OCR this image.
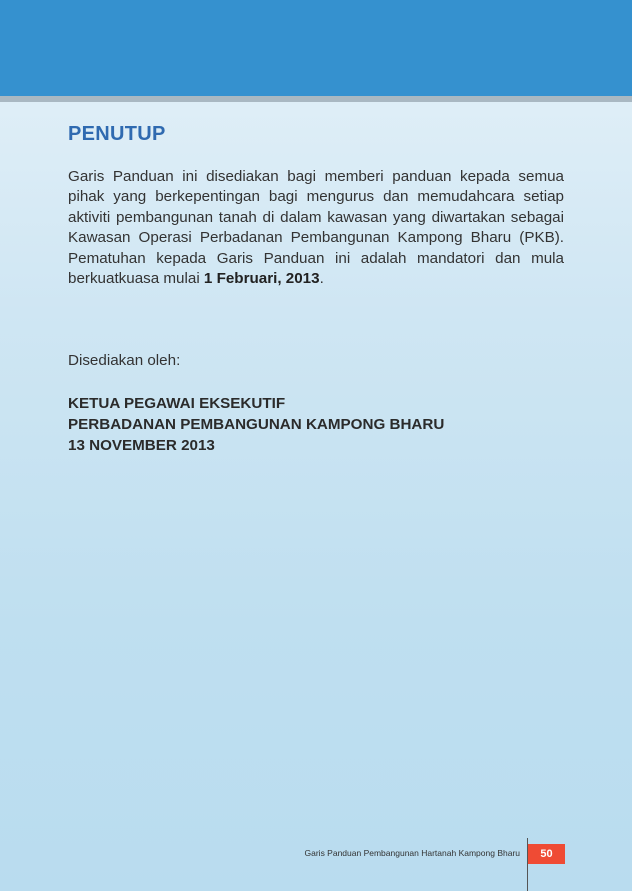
PENUTUP

Garis Panduan ini disediakan bagi memberi panduan kepada semua pihak yang berkepentingan bagi mengurus dan memudahcara setiap aktiviti pembangunan tanah di dalam kawasan yang diwartakan sebagai Kawasan Operasi Perbadanan Pembangunan Kampong Bharu (PKB). Pematuhan kepada Garis Panduan ini adalah mandatori dan mula berkuatkuasa mulai 1 Februari, 2013.

Disediakan oleh:

KETUA PEGAWAI EKSEKUTIF
PERBADANAN PEMBANGUNAN KAMPONG BHARU
13 NOVEMBER 2013
Garis Panduan Pembangunan Hartanah Kampong Bharu	50
